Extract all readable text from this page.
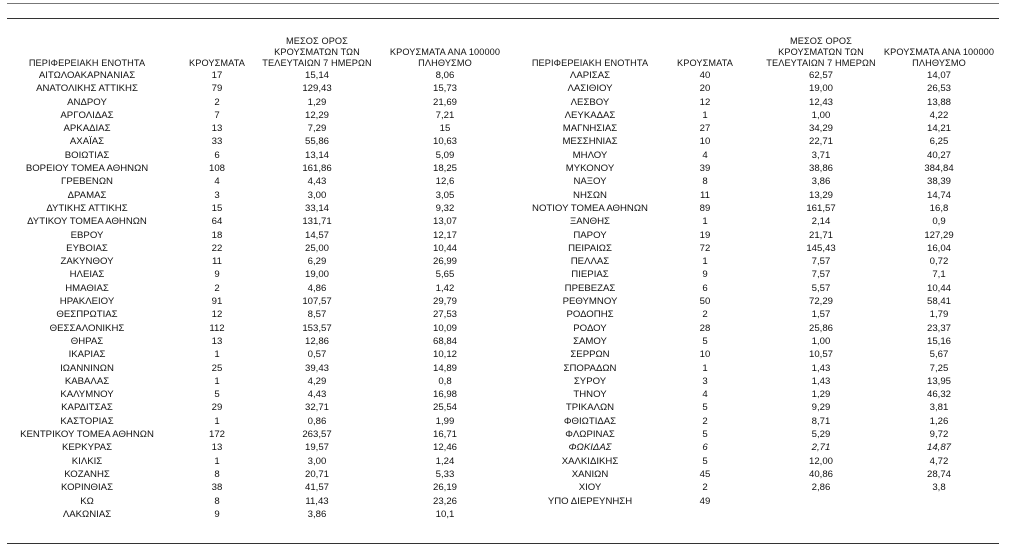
ΠΕΡΙΦΕΡΕΙΑΚΗ ΕΝΟΤΗΤΑ	ΚΡΟΥΣΜΑΤΑ
ΜΕΣΟΣ ΟΡΟΣ
ΚΡΟΥΣΜΑΤΩΝ ΤΩΝ
ΤΕΛΕΥΤΑΙΩΝ 7 ΗΜΕΡΩΝ
ΚΡΟΥΣΜΑΤΑ ΑΝΑ 100000
ΠΛΗΘΥΣΜΟ
ΑΙΤΩΛΟΑΚΑΡΝΑΝΙΑΣ	17	15,14	8,06
ΑΝΑΤΟΛΙΚΗΣ ΑΤΤΙΚΗΣ	79	129,43	15,73
ΑΝΔΡΟΥ	2	1,29	21,69
ΑΡΓΟΛΙΔΑΣ	7	12,29	7,21
ΑΡΚΑΔΙΑΣ	13	7,29	15
ΑΧΑΪΑΣ	33	55,86	10,63
ΒΟΙΩΤΙΑΣ	6	13,14	5,09
ΒΟΡΕΙΟΥ ΤΟΜΕΑ ΑΘΗΝΩΝ	108	161,86	18,25
ΓΡΕΒΕΝΩΝ	4	4,43	12,6
ΔΡΑΜΑΣ	3	3,00	3,05
ΔΥΤΙΚΗΣ ΑΤΤΙΚΗΣ	15	33,14	9,32
ΔΥΤΙΚΟΥ ΤΟΜΕΑ ΑΘΗΝΩΝ	64	131,71	13,07
ΕΒΡΟΥ	18	14,57	12,17
ΕΥΒΟΙΑΣ	22	25,00	10,44
ΖΑΚΥΝΘΟΥ	11	6,29	26,99
ΗΛΕΙΑΣ	9	19,00	5,65
ΗΜΑΘΙΑΣ	2	4,86	1,42
ΗΡΑΚΛΕΙΟΥ	91	107,57	29,79
ΘΕΣΠΡΩΤΙΑΣ	12	8,57	27,53
ΘΕΣΣΑΛΟΝΙΚΗΣ	112	153,57	10,09
ΘΗΡΑΣ	13	12,86	68,84
ΙΚΑΡΙΑΣ	1	0,57	10,12
ΙΩΑΝΝΙΝΩΝ	25	39,43	14,89
ΚΑΒΑΛΑΣ	1	4,29	0,8
ΚΑΛΥΜΝΟΥ	5	4,43	16,98
ΚΑΡΔΙΤΣΑΣ	29	32,71	25,54
ΚΑΣΤΟΡΙΑΣ	1	0,86	1,99
ΚΕΝΤΡΙΚΟΥ ΤΟΜΕΑ ΑΘΗΝΩΝ	172	263,57	16,71
ΚΕΡΚΥΡΑΣ	13	19,57	12,46
ΚΙΛΚΙΣ	1	3,00	1,24
ΚΟΖΑΝΗΣ	8	20,71	5,33
ΚΟΡΙΝΘΙΑΣ	38	41,57	26,19
ΚΩ	8	11,43	23,26
ΛΑΚΩΝΙΑΣ	9	3,86	10,1
ΠΕΡΙΦΕΡΕΙΑΚΗ ΕΝΟΤΗΤΑ	ΚΡΟΥΣΜΑΤΑ
ΜΕΣΟΣ ΟΡΟΣ
ΚΡΟΥΣΜΑΤΩΝ ΤΩΝ
ΤΕΛΕΥΤΑΙΩΝ 7 ΗΜΕΡΩΝ
ΚΡΟΥΣΜΑΤΑ ΑΝΑ 100000
ΠΛΗΘΥΣΜΟ
ΛΑΡΙΣΑΣ	40	62,57	14,07
ΛΑΣΙΘΙΟΥ	20	19,00	26,53
ΛΕΣΒΟΥ	12	12,43	13,88
ΛΕΥΚΑΔΑΣ	1	1,00	4,22
ΜΑΓΝΗΣΙΑΣ	27	34,29	14,21
ΜΕΣΣΗΝΙΑΣ	10	22,71	6,25
ΜΗΛΟΥ	4	3,71	40,27
ΜΥΚΟΝΟΥ	39	38,86	384,84
ΝΑΞΟΥ	8	3,86	38,39
ΝΗΣΩΝ	11	13,29	14,74
ΝΟΤΙΟΥ ΤΟΜΕΑ ΑΘΗΝΩΝ	89	161,57	16,8
ΞΑΝΘΗΣ	1	2,14	0,9
ΠΑΡΟΥ	19	21,71	127,29
ΠΕΙΡΑΙΩΣ	72	145,43	16,04
ΠΕΛΛΑΣ	1	7,57	0,72
ΠΙΕΡΙΑΣ	9	7,57	7,1
ΠΡΕΒΕΖΑΣ	6	5,57	10,44
ΡΕΘΥΜΝΟΥ	50	72,29	58,41
ΡΟΔΟΠΗΣ	2	1,57	1,79
ΡΟΔΟΥ	28	25,86	23,37
ΣΑΜΟΥ	5	1,00	15,16
ΣΕΡΡΩΝ	10	10,57	5,67
ΣΠΟΡΑΔΩΝ	1	1,43	7,25
ΣΥΡΟΥ	3	1,43	13,95
ΤΗΝΟΥ	4	1,29	46,32
ΤΡΙΚΑΛΩΝ	5	9,29	3,81
ΦΘΙΩΤΙΔΑΣ	2	8,71	1,26
ΦΛΩΡΙΝΑΣ	5	5,29	9,72
ΦΩΚΙΔΑΣ	6	2,71	14,87
ΧΑΛΚΙΔΙΚΗΣ	5	12,00	4,72
ΧΑΝΙΩΝ	45	40,86	28,74
ΧΙΟΥ	2	2,86	3,8
ΥΠΟ ΔΙΕΡΕΥΝΗΣΗ	49
